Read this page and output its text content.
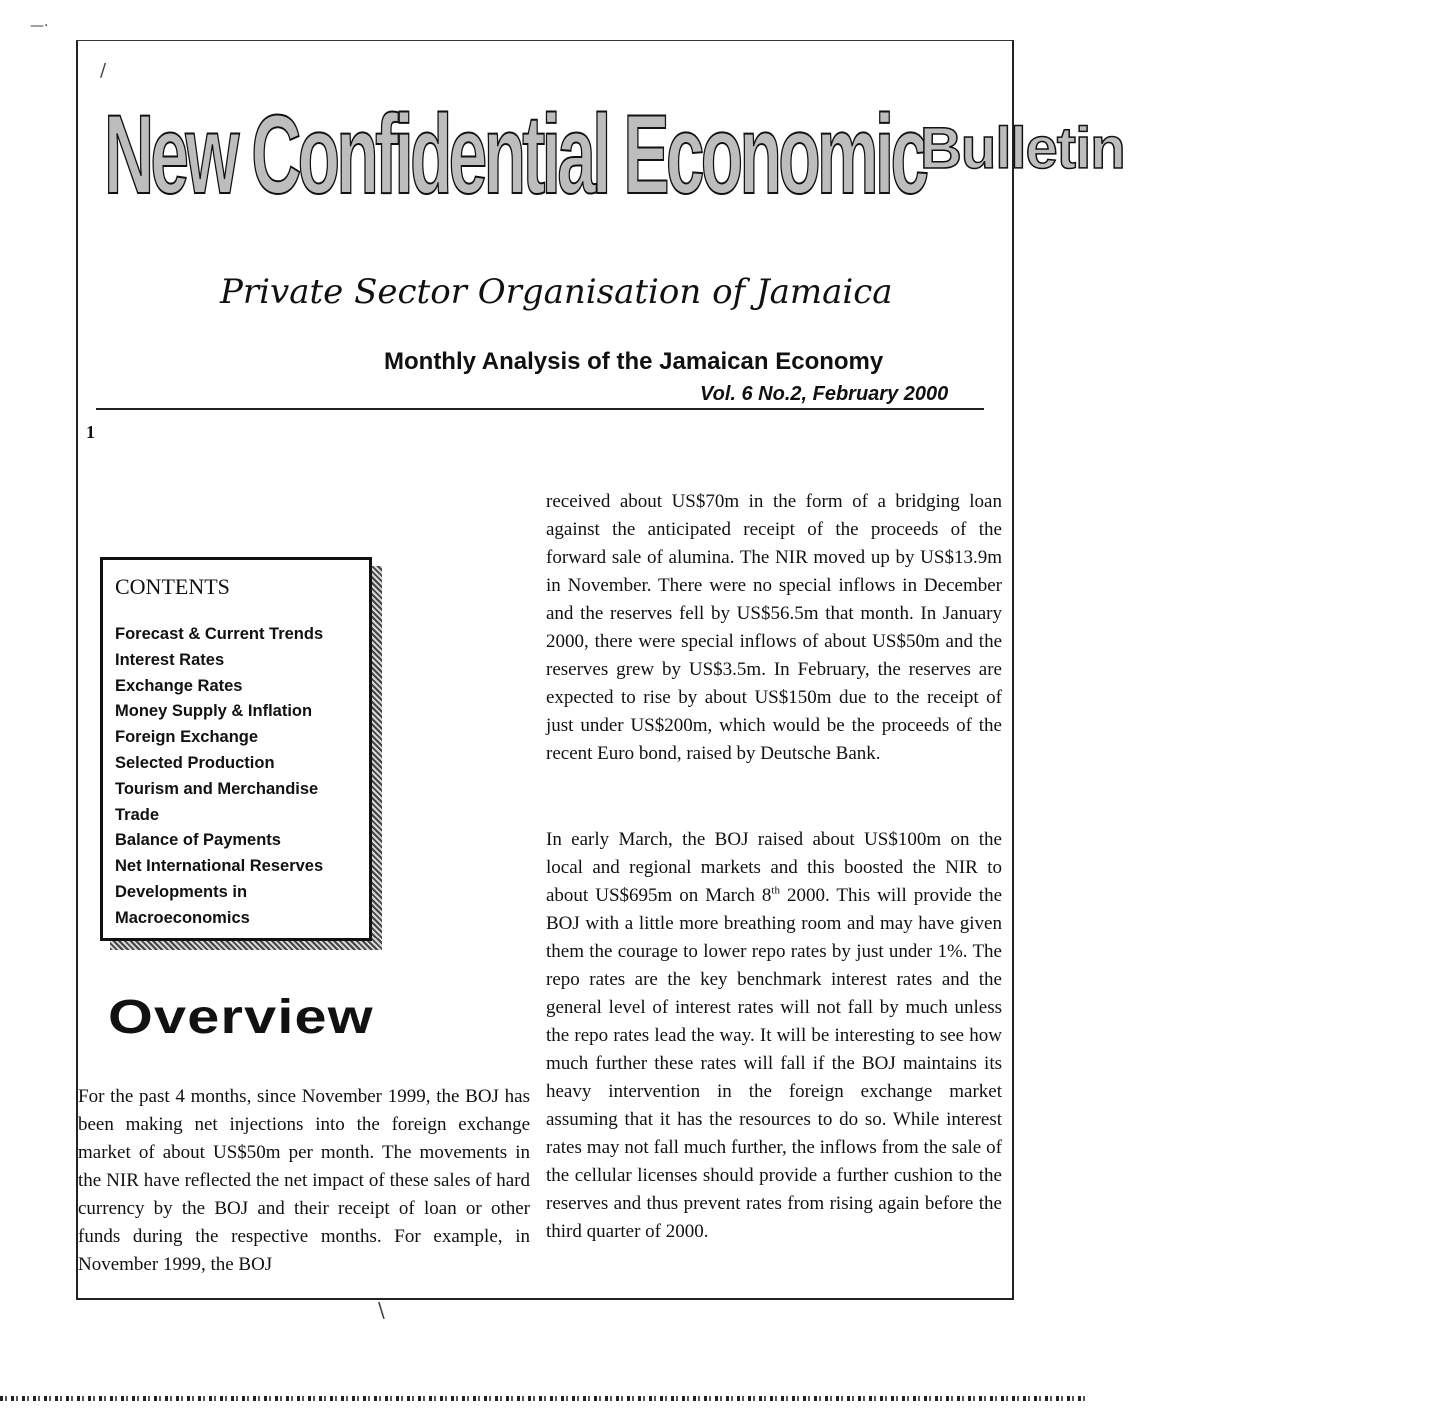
New Confidential Economic
Bulletin
Private Sector Organisation of Jamaica
Monthly Analysis of the Jamaican Economy
Vol. 6 No.2, February 2000
1
CONTENTS
Forecast & Current Trends
Interest Rates
Exchange Rates
Money Supply & Inflation
Foreign Exchange
Selected Production
Tourism and Merchandise
Trade
Balance of Payments
Net International Reserves
Developments in
Macroeconomics
Overview

For the past 4 months, since November 1999, the BOJ has been making net injections into the foreign exchange market of about US$50m per month. The movements in the NIR have reflected the net impact of these sales of hard currency by the BOJ and their receipt of loan or other funds during the respective months. For example, in November 1999, the BOJ

received about US$70m in the form of a bridging loan against the anticipated receipt of the proceeds of the forward sale of alumina. The NIR moved up by US$13.9m in November. There were no special inflows in December and the reserves fell by US$56.5m that month. In January 2000, there were special inflows of about US$50m and the reserves grew by US$3.5m. In February, the reserves are expected to rise by about US$150m due to the receipt of just under US$200m, which would be the proceeds of the recent Euro bond, raised by Deutsche Bank.

In early March, the BOJ raised about US$100m on the local and regional markets and this boosted the NIR to about US$695m on March 8th 2000. This will provide the BOJ with a little more breathing room and may have given them the courage to lower repo rates by just under 1%. The repo rates are the key benchmark interest rates and the general level of interest rates will not fall by much unless the repo rates lead the way. It will be interesting to see how much further these rates will fall if the BOJ maintains its heavy intervention in the foreign exchange market assuming that it has the resources to do so. While interest rates may not fall much further, the inflows from the sale of the cellular licenses should provide a further cushion to the reserves and thus prevent rates from rising again before the third quarter of 2000.

—·
/
\
